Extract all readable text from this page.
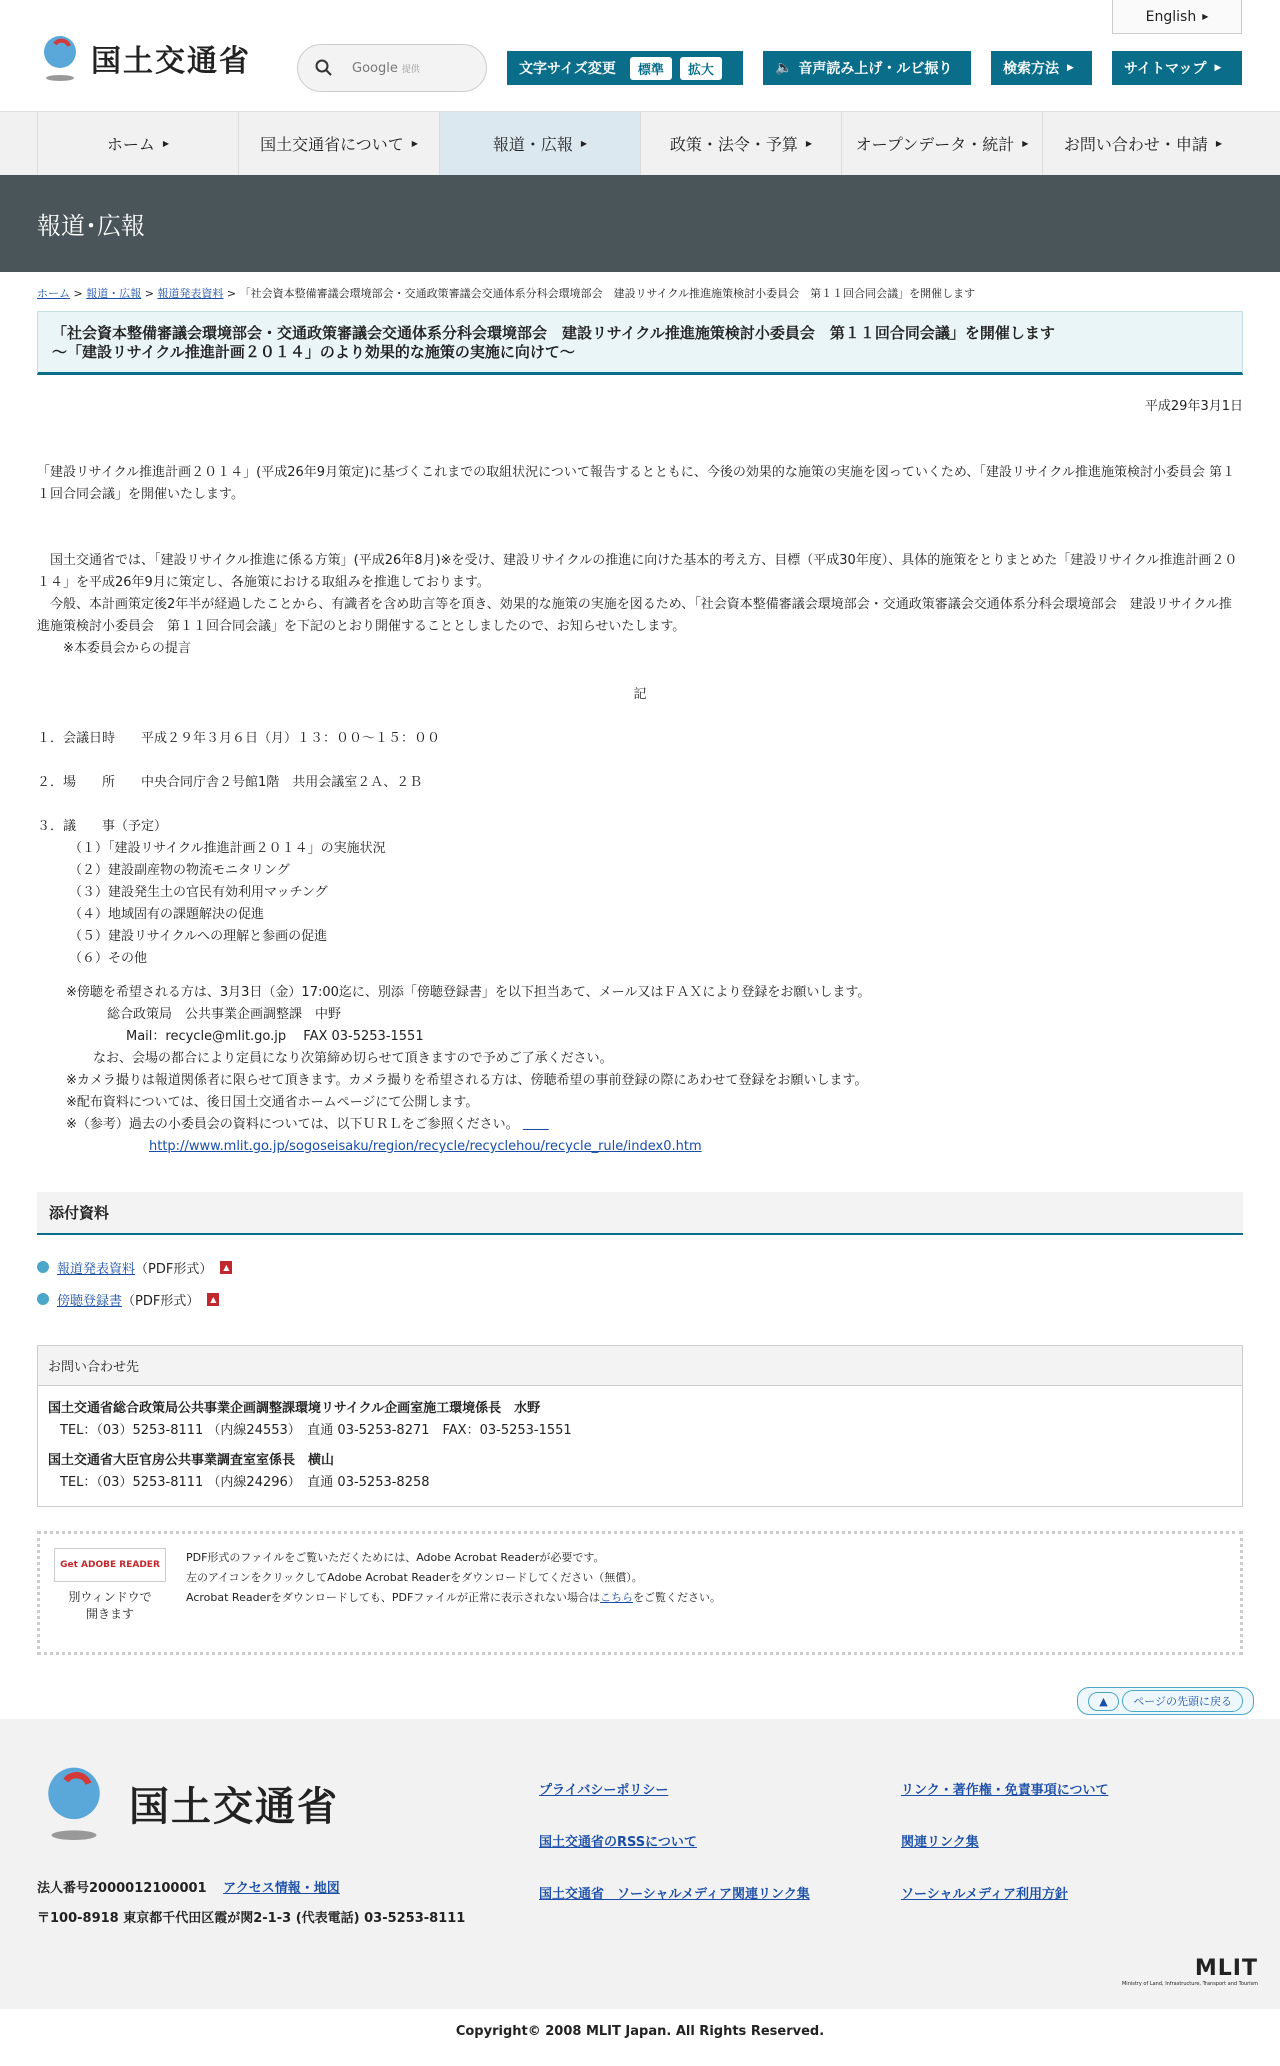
国土交通省	Google 提供	文字サイズ変更	標準	拡大	🔈 音声読み上げ・ルビ振り	検索方法 ▶	サイトマップ ▶
English ▶
ホーム ▶	国土交通省について ▶	報道・広報 ▶	政策・法令・予算 ▶	オープンデータ・統計 ▶ お問い合わせ・申請 ▶
報道･広報
ホーム > 報道・広報 > 報道発表資料 > 「社会資本整備審議会環境部会・交通政策審議会交通体系分科会環境部会　建設リサイクル推進施策検討小委員会　第１１回合同会議」を開催します

「社会資本整備審議会環境部会・交通政策審議会交通体系分科会環境部会　建設リサイクル推進施策検討小委員会　第１１回合同会議」を開催します

～「建設リサイクル推進計画２０１４」のより効果的な施策の実施に向けて～

平成29年3月1日
「建設リサイクル推進計画２０１４」(平成26年9月策定)に基づくこれまでの取組状況について報告するとともに、今後の効果的な施策の実施を図っていくため、「建設リサイクル推進施策検討小委員会 第１１回合同会議」を開催いたします。

　国土交通省では、「建設リサイクル推進に係る方策」(平成26年8月)※を受け、建設リサイクルの推進に向けた基本的考え方、目標（平成30年度）、具体的施策をとりまとめた「建設リサイクル推進計画２０１４」を平成26年9月に策定し、各施策における取組みを推進しております。

　今般、本計画策定後2年半が経過したことから、有識者を含め助言等を頂き、効果的な施策の実施を図るため、「社会資本整備審議会環境部会・交通政策審議会交通体系分科会環境部会　建設リサイクル推進施策検討小委員会　第１１回合同会議」を下記のとおり開催することとしましたので、お知らせいたします。

　　※本委員会からの提言

記
１．会議日時　　平成２９年３月６日（月）１３：００～１５：００
２．場　　所　　中央合同庁舎２号館1階　共用会議室２Ａ、２Ｂ
３．議　　事（予定）

（１）「建設リサイクル推進計画２０１４」の実施状況

（２）建設副産物の物流モニタリング

（３）建設発生土の官民有効利用マッチング

（４）地域固有の課題解決の促進

（５）建設リサイクルへの理解と参画の促進

（６）その他

※傍聴を希望される方は、3月3日（金）17:00迄に、別添「傍聴登録書」を以下担当あて、メール又はＦＡＸにより登録をお願いします。

総合政策局　公共事業企画調整課　中野

Mail：recycle@mlit.go.jp　 FAX 03-5253-1551

なお、会場の都合により定員になり次第締め切らせて頂きますので予めご了承ください。

※カメラ撮りは報道関係者に限らせて頂きます。カメラ撮りを希望される方は、傍聴希望の事前登録の際にあわせて登録をお願いします。

※配布資料については、後日国土交通省ホームページにて公開します。

※（参考）過去の小委員会の資料については、以下ＵＲＬをご参照ください。 　　

http://www.mlit.go.jp/sogoseisaku/region/recycle/recyclehou/recycle_rule/index0.htm

添付資料
報道発表資料 （PDF形式）	▲
傍聴登録書 （PDF形式）	▲
お問い合わせ先

国土交通省総合政策局公共事業企画調整課環境リサイクル企画室施工環境係長　水野

TEL：（03）5253-8111 （内線24553）　直通 03-5253-8271　FAX：03-5253-1551

国土交通省大臣官房公共事業調査室室係長　横山

TEL：（03）5253-8111 （内線24296）　直通 03-5253-8258

Get ADOBE READER

別ウィンドウで

開きます

PDF形式のファイルをご覧いただくためには、Adobe Acrobat Readerが必要です。

左のアイコンをクリックしてAdobe Acrobat Readerをダウンロードしてください（無償）。

Acrobat Readerをダウンロードしても、PDFファイルが正常に表示されない場合はこちらをご覧ください。

▲ ページの先頭に戻る
国土交通省
法人番号2000012100001 アクセス情報・地図
〒100-8918 東京都千代田区霞が関2-1-3 (代表電話) 03-5253-8111
プライバシーポリシー	リンク・著作権・免責事項について
国土交通省のRSSについて	関連リンク集
国土交通省　ソーシャルメディア関連リンク集	ソーシャルメディア利用方針
MLIT
Ministry of Land, Infrastructure, Transport and Tourism
Copyright© 2008 MLIT Japan. All Rights Reserved.
